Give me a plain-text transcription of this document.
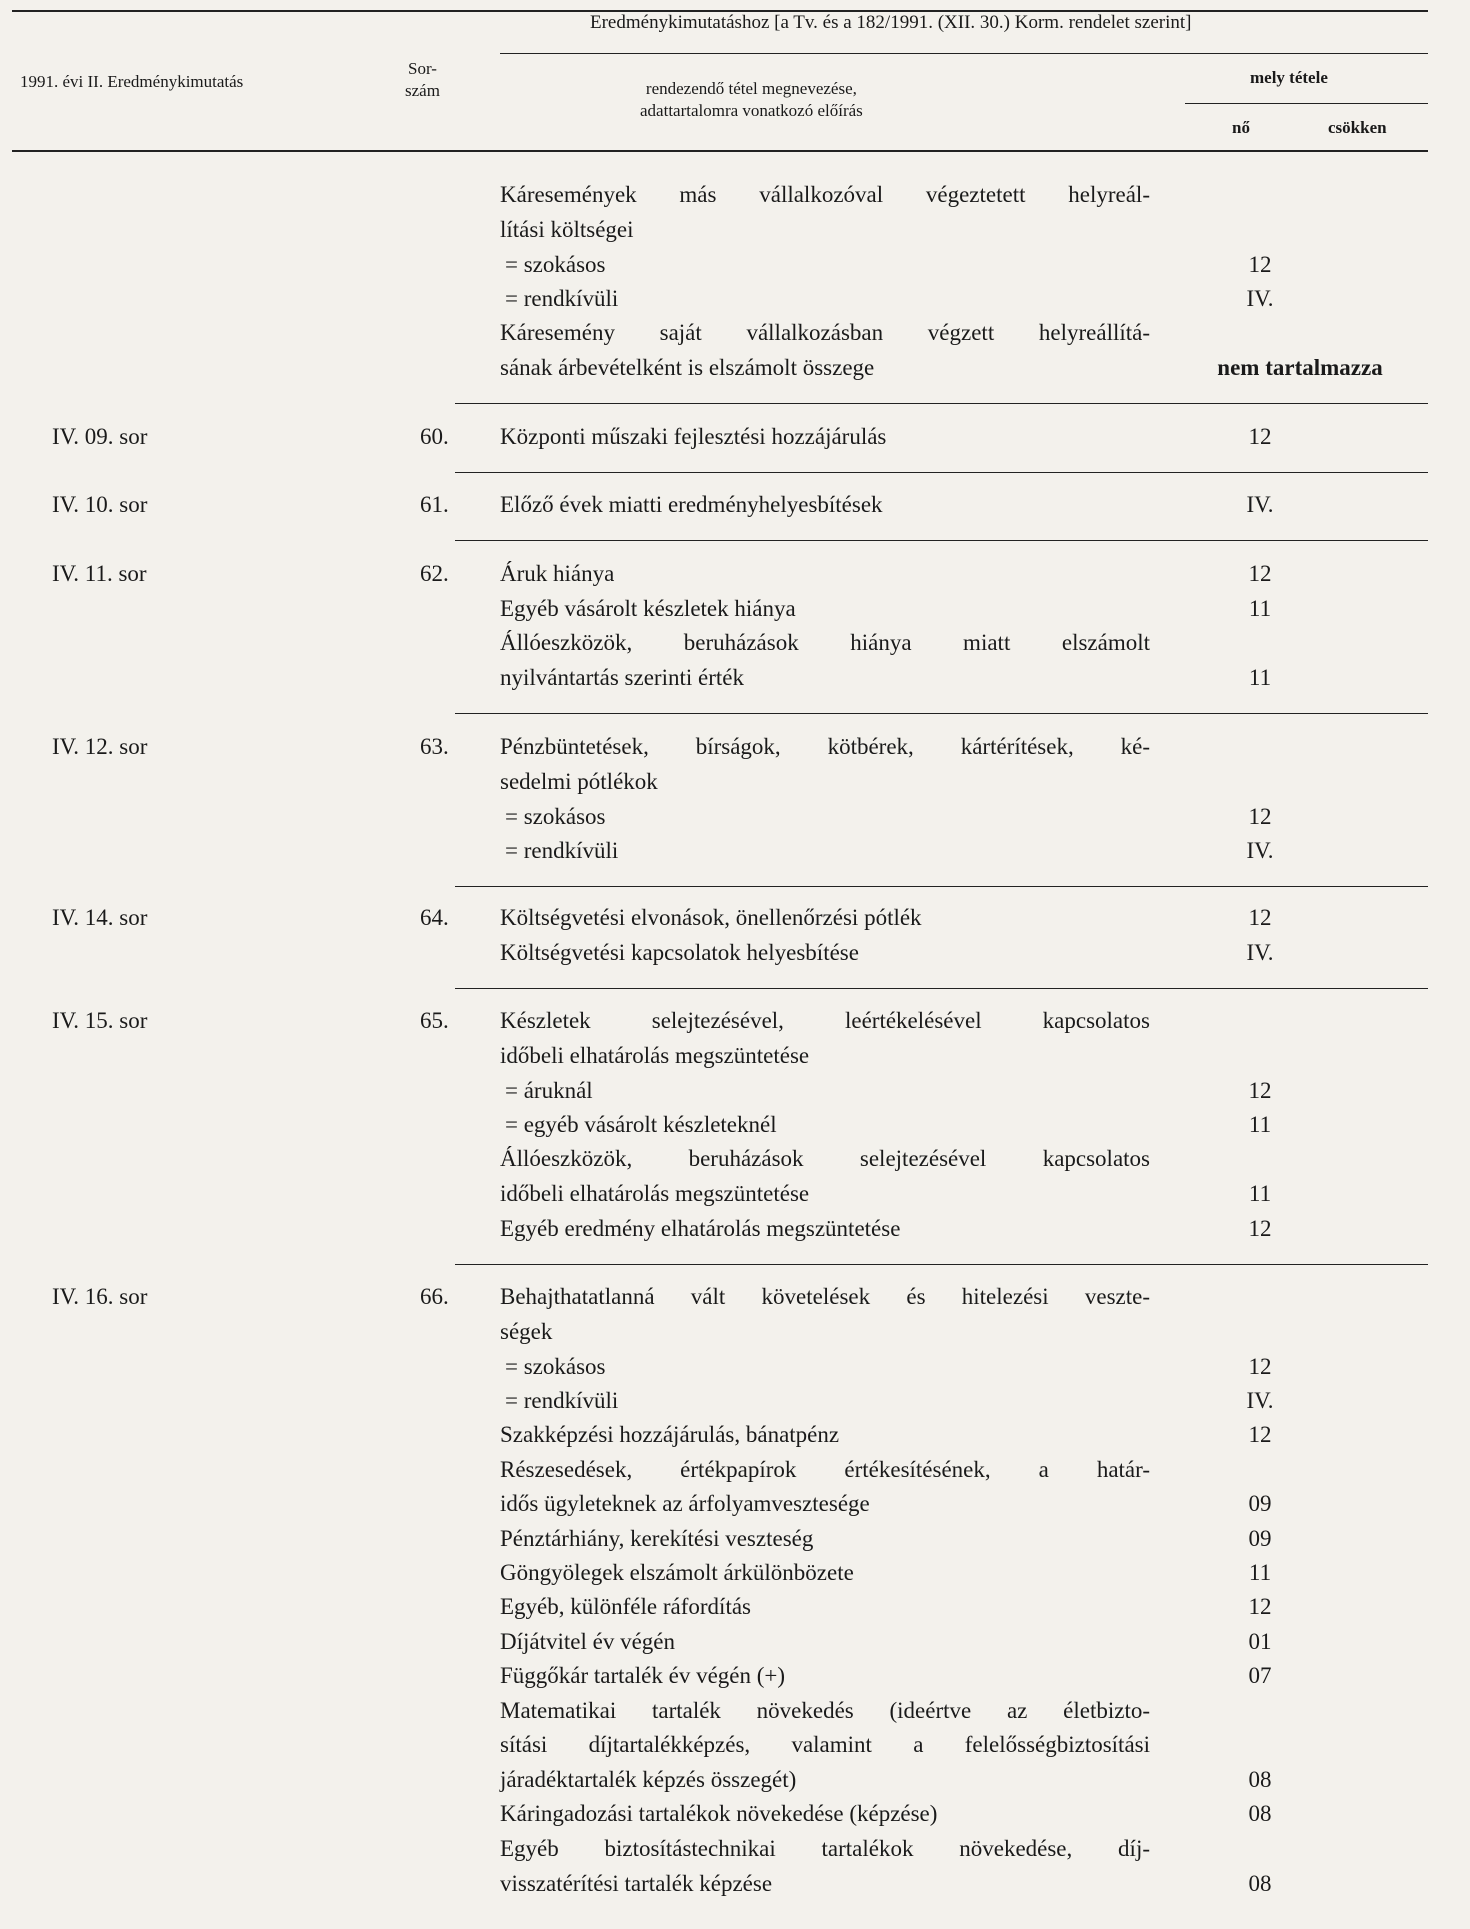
Eredménykimutatáshoz [a Tv. és a 182/1991. (XII. 30.) Korm. rendelet szerint]
1991. évi II. Eredménykimutatás
Sor-
szám	rendezendő tétel megnevezése,
adattartalomra vonatkozó előírás
mely tétele
nő	csökken
Káresemények más vállalkozóval végeztetett helyreál-
lítási költségei
= szokásos	12
= rendkívüli	IV.
Káresemény saját vállalkozásban végzett helyreállítá-
sának árbevételként is elszámolt összege	nem tartalmazza
IV. 09. sor	60. Központi műszaki fejlesztési hozzájárulás	12
IV. 10. sor	61. Előző évek miatti eredményhelyesbítések	IV.
IV. 11. sor	62. Áruk hiánya	12
Egyéb vásárolt készletek hiánya	11
Állóeszközök, beruházások hiánya miatt elszámolt
nyilvántartás szerinti érték	11
IV. 12. sor	63. Pénzbüntetések, bírságok, kötbérek, kártérítések, ké-
sedelmi pótlékok
= szokásos	12
= rendkívüli	IV.
IV. 14. sor	64. Költségvetési elvonások, önellenőrzési pótlék	12
Költségvetési kapcsolatok helyesbítése	IV.
IV. 15. sor	65. Készletek selejtezésével, leértékelésével kapcsolatos
időbeli elhatárolás megszüntetése
= áruknál	12
= egyéb vásárolt készleteknél	11
Állóeszközök, beruházások selejtezésével kapcsolatos
időbeli elhatárolás megszüntetése	11
Egyéb eredmény elhatárolás megszüntetése	12
IV. 16. sor	66. Behajthatatlanná vált követelések és hitelezési veszte-
ségek
= szokásos	12
= rendkívüli	IV.
Szakképzési hozzájárulás, bánatpénz	12
Részesedések, értékpapírok értékesítésének, a határ-
idős ügyleteknek az árfolyamvesztesége	09
Pénztárhiány, kerekítési veszteség	09
Göngyölegek elszámolt árkülönbözete	11
Egyéb, különféle ráfordítás	12
Díjátvitel év végén	01
Függőkár tartalék év végén (+)	07
Matematikai tartalék növekedés (ideértve az életbizto-
sítási díjtartalékképzés, valamint a felelősségbiztosítási
járadéktartalék képzés összegét)	08
Káringadozási tartalékok növekedése (képzése)	08
Egyéb biztosítástechnikai tartalékok növekedése, díj-
visszatérítési tartalék képzése	08
